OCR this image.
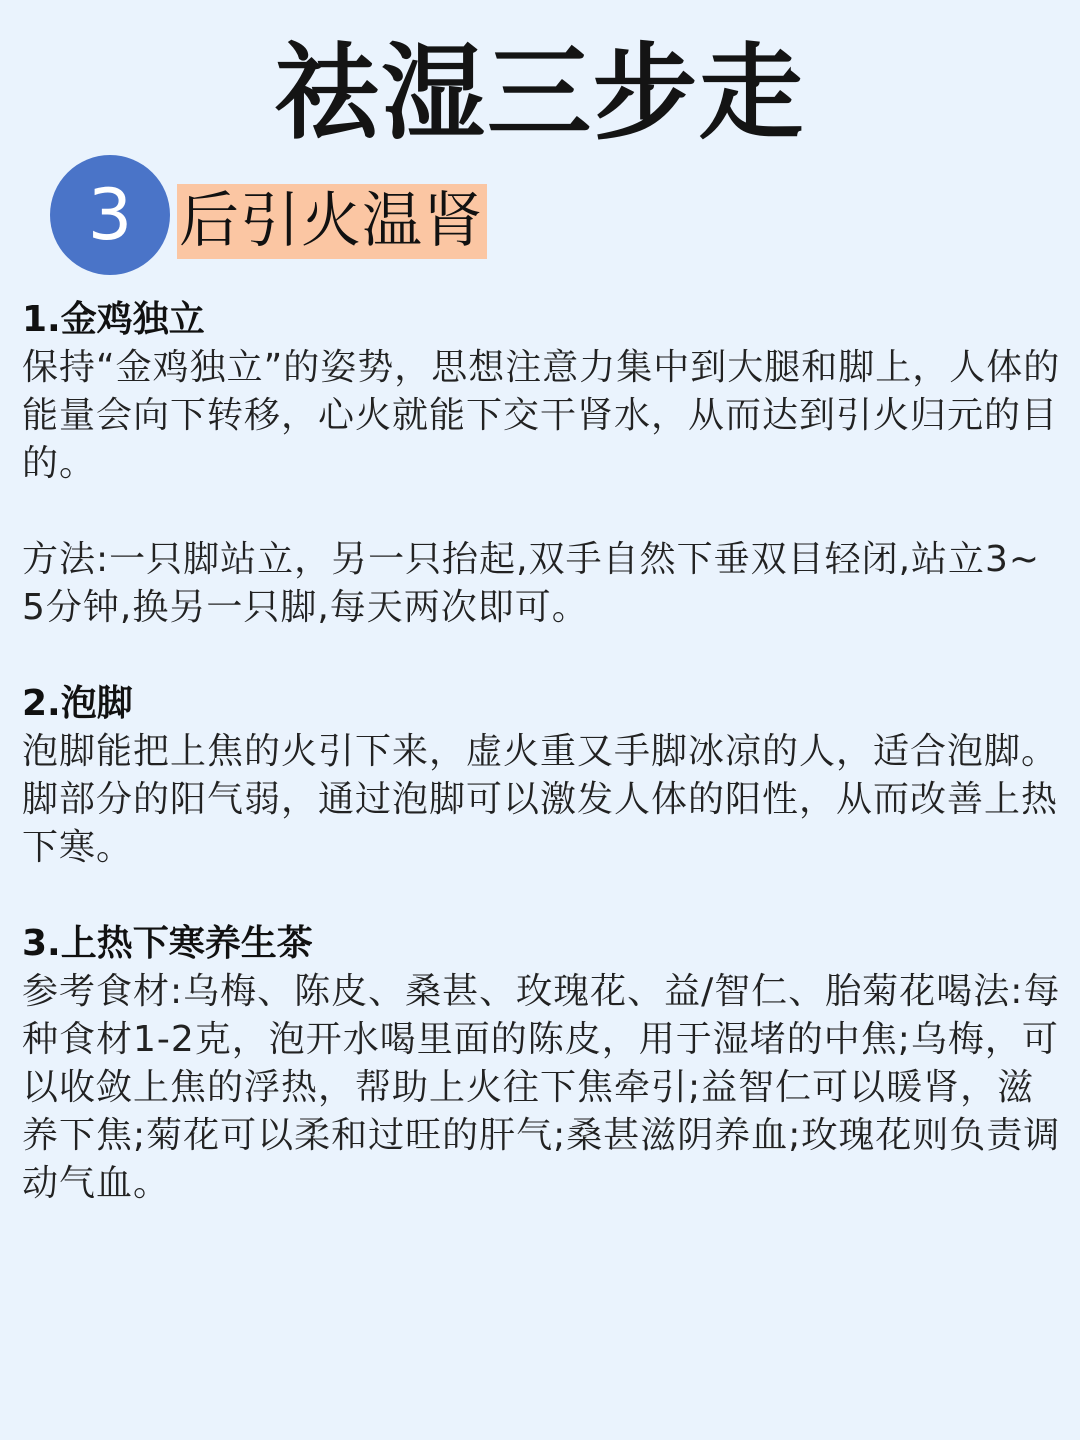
祛湿三步走
3 后引火温肾

1.金鸡独立

保持“金鸡独立”的姿势，思想注意力集中到大腿和脚上，人体的能量会向下转移，心火就能下交干肾水，从而达到引火归元的目的。

方法:一只脚站立，另一只抬起,双手自然下垂双目轻闭,站立3~5分钟,换另一只脚,每天两次即可。

2.泡脚

泡脚能把上焦的火引下来，虚火重又手脚冰凉的人，适合泡脚。脚部分的阳气弱，通过泡脚可以激发人体的阳性，从而改善上热下寒。

3.上热下寒养生茶

参考食材:乌梅、陈皮、桑甚、玫瑰花、益/智仁、胎菊花喝法:每种食材1-2克，泡开水喝里面的陈皮，用于湿堵的中焦;乌梅，可以收敛上焦的浮热，帮助上火往下焦牵引;益智仁可以暖肾，滋养下焦;菊花可以柔和过旺的肝气;桑甚滋阴养血;玫瑰花则负责调动气血。
